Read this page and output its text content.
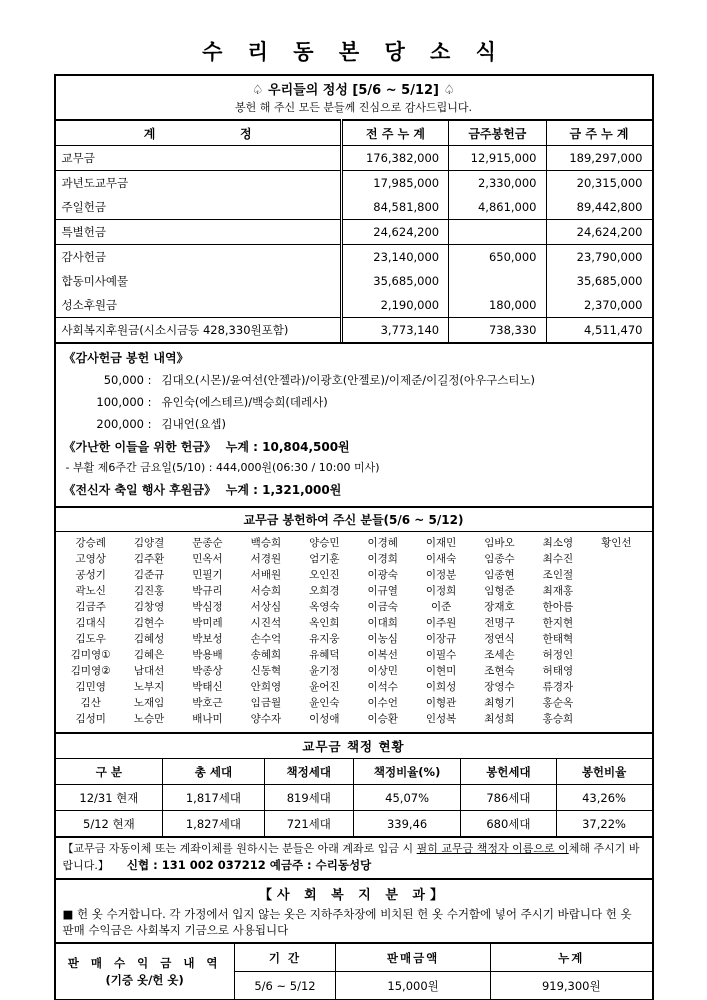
수 리 동 본 당 소 식
♤ 우리들의 정성 [5/6 ~ 5/12] ♤
봉헌 해 주신 모든 분들께 진심으로 감사드립니다.
계 정	전 주 누 계	금주봉헌금	금 주 누 계
교무금	176,382,000	12,915,000	189,297,000
과년도교무금	17,985,000	2,330,000	20,315,000
주일헌금	84,581,800	4,861,000	89,442,800
특별헌금	24,624,200		24,624,200
감사헌금	23,140,000	650,000	23,790,000
합동미사예물	35,685,000		35,685,000
성소후원금	2,190,000	180,000	2,370,000
사회복지후원금(시소시금등 428,330원포함)	3,773,140	738,330	4,511,470
《감사헌금 봉헌 내역》
50,000 : 김대오(시몬)/윤여선(안젤라)/이광호(안젤로)/이제준/이길정(아우구스티노)
100,000 : 유인숙(에스테르)/백승희(데레사)
200,000 : 김내언(요셉)
《가난한 이들을 위한 헌금》 누계 : 10,804,500원
- 부활 제6주간 금요일(5/10) : 444,000원(06:30 / 10:00 미사)
《전신자 축일 행사 후원금》 누계 : 1,321,000원
교무금 봉헌하여 주신 분들(5/6 ~ 5/12)
강승례	김양결	문종순	백승희	양승민	이경혜	이재민	임바오	최소영	황인선
고영상	김주환	민옥서	서경원	엄기훈	이경희	이새숙	임종수	최수진
공성기	김준규	민필기	서배원	오인진	이광숙	이정분	임종현	조인절
곽노신	김진홍	박규리	서승희	오희경	이규열	이정희	임형준	최재홍
김금주	김창영	박심정	서상심	옥영숙	이금숙	이준	장재호	한아름
김대식	김현수	박미레	시진석	옥인희	이대희	이주원	전명구	한지현
김도우	김혜성	박보성	손수억	유지웅	이농심	이장규	정연식	한태혁
김미영①	김혜은	박용배	송혜희	유혜덕	이복선	이필수	조세손	허정인
김미영②	남대선	박종상	신동혁	윤기정	이상민	이현미	조현숙	허태영
김민영	노부지	박태신	안희영	윤어진	이석수	이희성	장영수	류경자
김산	노재임	박호근	임금월	윤인숙	이수언	이형관	최형기	홍순옥
김성미	노승만	배나미	양수자	이성애	이승환	인성복	최성희	홍승희
교무금 책정 현황
구 분	총 세대	책정세대	책정비율(%)	봉헌세대	봉헌비율
12/31 현재	1,817세대	819세대	45,07%	786세대	43,26%
5/12 현재	1,827세대	721세대	339,46	680세대	37,22%
【교무금 자동이체 또는 계좌이체를 원하시는 분들은 아래 계좌로 입금 시 필히 교무금 책정자 이름으로 이체해 주시기 바랍니다.】 신협 : 131 002 037212 예금주 : 수리동성당
【사 회 복 지 분 과】
■ 헌 옷 수거합니다. 각 가정에서 입지 않는 옷은 지하주차장에 비치된 헌 옷 수거함에 넣어 주시기 바랍니다 헌 옷 판매 수익금은 사회복지 기금으로 사용됩니다
판 매 수 익 금 내 역
(기증 옷/헌 옷)	기 간	판매금액	누계
	5/6 ~ 5/12	15,000원	919,300원
